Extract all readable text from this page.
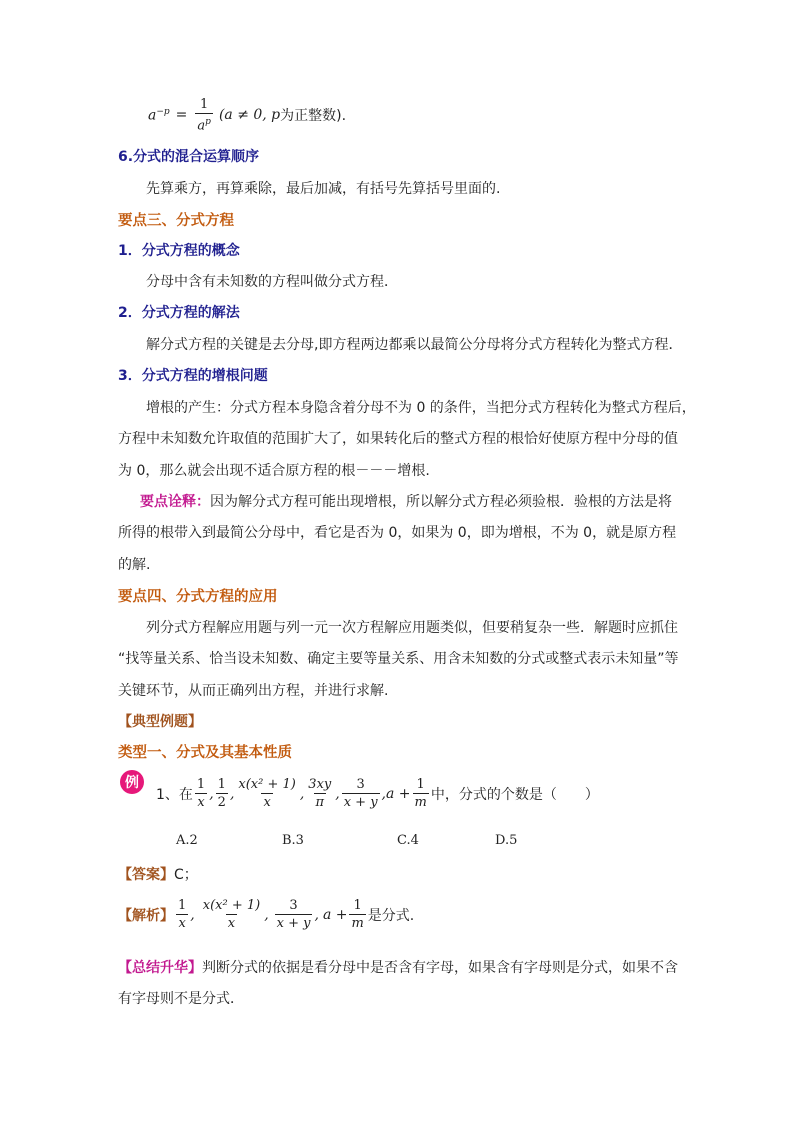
$a^{-p} = \frac{1}{a^p} (a \ne 0$, p 为正整数).
6.分式的混合运算顺序
先算乘方，再算乘除，最后加减，有括号先算括号里面的.
要点三、分式方程
1．分式方程的概念
分母中含有未知数的方程叫做分式方程．
2．分式方程的解法
解分式方程的关键是去分母,即方程两边都乘以最简公分母将分式方程转化为整式方程．
3．分式方程的增根问题
增根的产生：分式方程本身隐含着分母不为 0 的条件，当把分式方程转化为整式方程后，
方程中未知数允许取值的范围扩大了，如果转化后的整式方程的根恰好使原方程中分母的值
为 0，那么就会出现不适合原方程的根－－－增根.
要点诠释：因为解分式方程可能出现增根，所以解分式方程必须验根．验根的方法是将
所得的根带入到最简公分母中，看它是否为 0，如果为 0，即为增根，不为 0，就是原方程
的解.
要点四、分式方程的应用
列分式方程解应用题与列一元一次方程解应用题类似，但要稍复杂一些．解题时应抓住
“找等量关系、恰当设未知数、确定主要等量关系、用含未知数的分式或整式表示未知量”等
关键环节，从而正确列出方程，并进行求解.
【典型例题】
类型一、分式及其基本性质
例
1、在 $\frac{1}{x}$ , $\frac{1}{2}$ , $\frac{\text{x(x² + 1)}}{x}$ , $\frac{3xy}{\pi}$ , $\frac{3}{x + y}$ , $a + \frac{1}{m}$ 中，分式的个数是（　　）
A.2	B.3	C.4	D.5
【答案】C；
【解析】 $\frac{1}{x}$ , $\frac{\text{x(x² + 1)}}{x}$ , $\frac{3}{x + y}$ , $a + \frac{1}{m}$ 是分式.
【总结升华】判断分式的依据是看分母中是否含有字母，如果含有字母则是分式，如果不含
有字母则不是分式．
